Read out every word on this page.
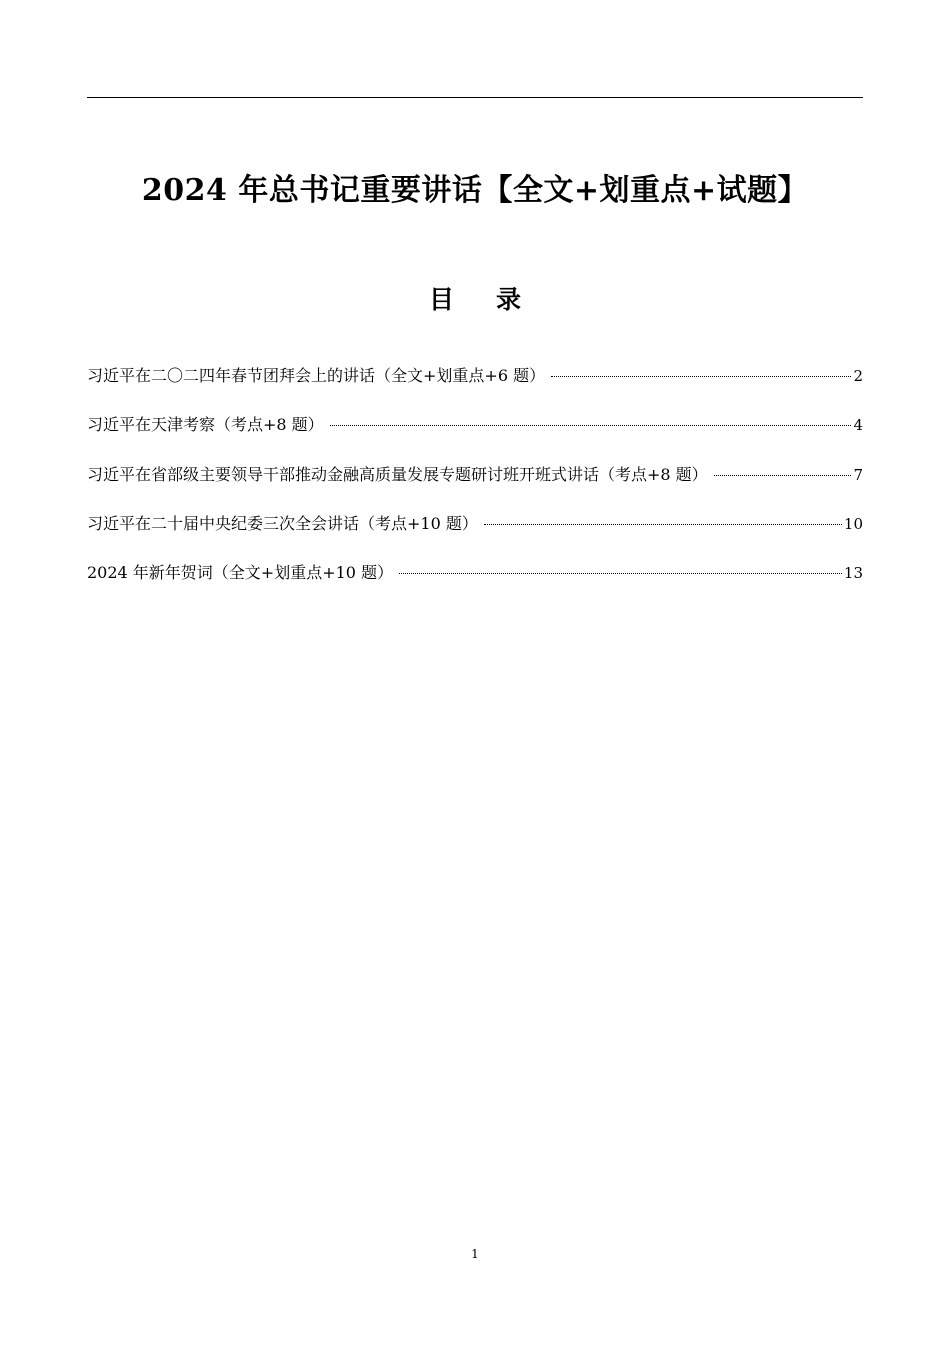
2024 年总书记重要讲话【全文+划重点+试题】
目录
习近平在二〇二四年春节团拜会上的讲话（全文+划重点+6 题）	2
习近平在天津考察（考点+8 题）	4
习近平在省部级主要领导干部推动金融高质量发展专题研讨班开班式讲话（考点+8 题）	7
习近平在二十届中央纪委三次全会讲话（考点+10 题）	10
2024 年新年贺词（全文+划重点+10 题）	13
1
